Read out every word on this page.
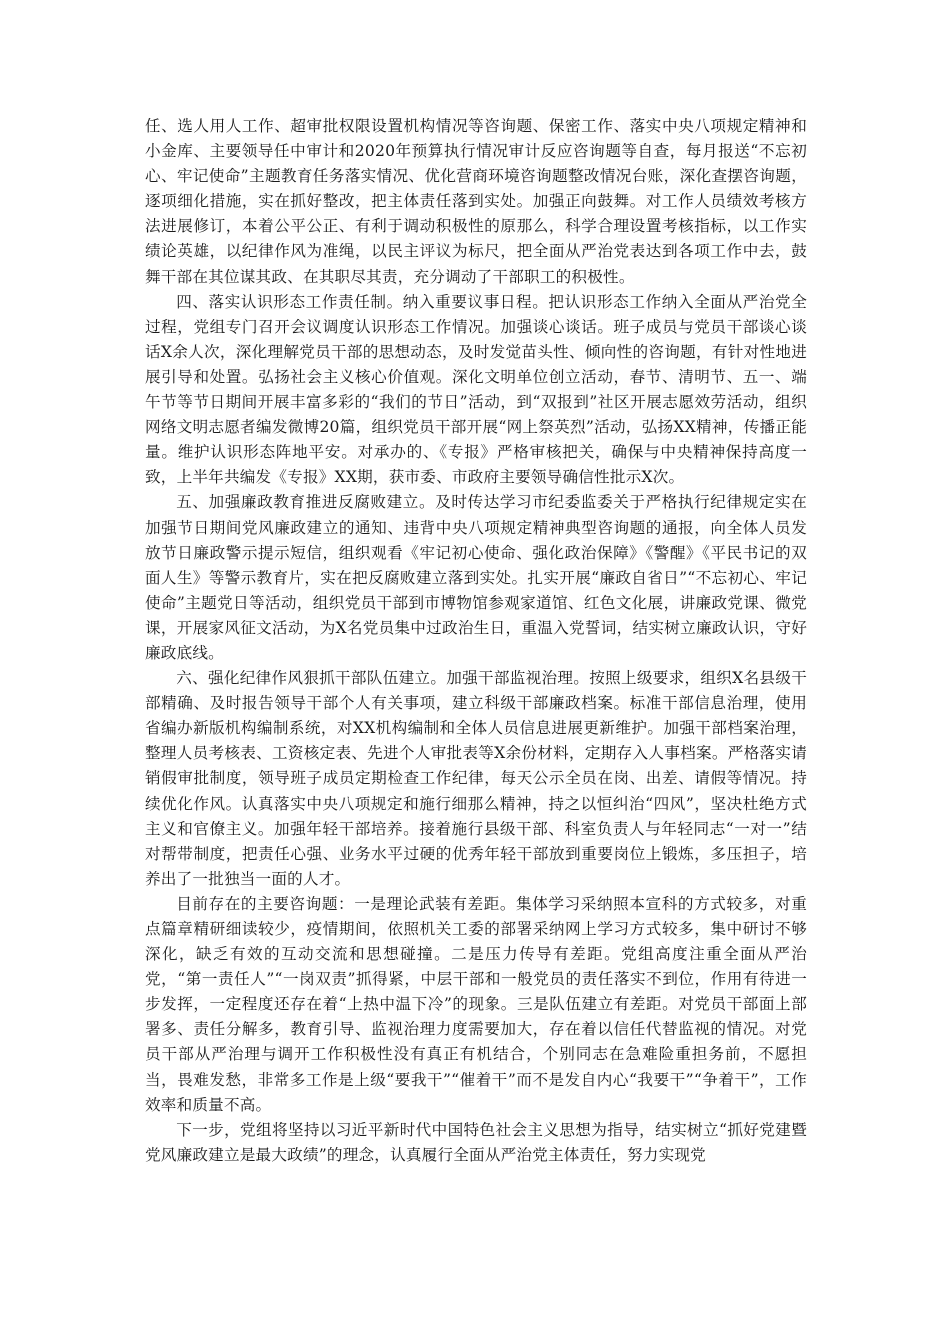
任、选人用人工作、超审批权限设置机构情况等咨询题、保密工作、落实中央八项规定精神和小金库、主要领导任中审计和2020年预算执行情况审计反应咨询题等自查，每月报送“不忘初心、牢记使命”主题教育任务落实情况、优化营商环境咨询题整改情况台账，深化查摆咨询题，逐项细化措施，实在抓好整改，把主体责任落到实处。加强正向鼓舞。对工作人员绩效考核方法进展修订，本着公平公正、有利于调动积极性的原那么，科学合理设置考核指标，以工作实绩论英雄，以纪律作风为准绳，以民主评议为标尺，把全面从严治党表达到各项工作中去，鼓舞干部在其位谋其政、在其职尽其责，充分调动了干部职工的积极性。

四、落实认识形态工作责任制。纳入重要议事日程。把认识形态工作纳入全面从严治党全过程，党组专门召开会议调度认识形态工作情况。加强谈心谈话。班子成员与党员干部谈心谈话X余人次，深化理解党员干部的思想动态，及时发觉苗头性、倾向性的咨询题，有针对性地进展引导和处置。弘扬社会主义核心价值观。深化文明单位创立活动，春节、清明节、五一、端午节等节日期间开展丰富多彩的“我们的节日”活动，到“双报到”社区开展志愿效劳活动，组织网络文明志愿者编发微博20篇，组织党员干部开展“网上祭英烈”活动，弘扬XX精神，传播正能量。维护认识形态阵地平安。对承办的、《专报》严格审核把关，确保与中央精神保持高度一致，上半年共编发《专报》XX期，获市委、市政府主要领导确信性批示X次。

五、加强廉政教育推进反腐败建立。及时传达学习市纪委监委关于严格执行纪律规定实在加强节日期间党风廉政建立的通知、违背中央八项规定精神典型咨询题的通报，向全体人员发放节日廉政警示提示短信，组织观看《牢记初心使命、强化政治保障》《警醒》《平民书记的双面人生》等警示教育片，实在把反腐败建立落到实处。扎实开展“廉政自省日”“不忘初心、牢记使命”主题党日等活动，组织党员干部到市博物馆参观家道馆、红色文化展，讲廉政党课、微党课，开展家风征文活动，为X名党员集中过政治生日，重温入党誓词，结实树立廉政认识，守好廉政底线。

六、强化纪律作风狠抓干部队伍建立。加强干部监视治理。按照上级要求，组织X名县级干部精确、及时报告领导干部个人有关事项，建立科级干部廉政档案。标准干部信息治理，使用省编办新版机构编制系统，对XX机构编制和全体人员信息进展更新维护。加强干部档案治理，整理人员考核表、工资核定表、先进个人审批表等X余份材料，定期存入人事档案。严格落实请销假审批制度，领导班子成员定期检查工作纪律，每天公示全员在岗、出差、请假等情况。持续优化作风。认真落实中央八项规定和施行细那么精神，持之以恒纠治“四风”，坚决杜绝方式主义和官僚主义。加强年轻干部培养。接着施行县级干部、科室负责人与年轻同志“一对一”结对帮带制度，把责任心强、业务水平过硬的优秀年轻干部放到重要岗位上锻炼，多压担子，培养出了一批独当一面的人才。

目前存在的主要咨询题：一是理论武装有差距。集体学习采纳照本宣科的方式较多，对重点篇章精研细读较少，疫情期间，依照机关工委的部署采纳网上学习方式较多，集中研讨不够深化，缺乏有效的互动交流和思想碰撞。二是压力传导有差距。党组高度注重全面从严治党，“第一责任人”“一岗双责”抓得紧，中层干部和一般党员的责任落实不到位，作用有待进一步发挥，一定程度还存在着“上热中温下冷”的现象。三是队伍建立有差距。对党员干部面上部署多、责任分解多，教育引导、监视治理力度需要加大，存在着以信任代替监视的情况。对党员干部从严治理与调开工作积极性没有真正有机结合，个别同志在急难险重担务前，不愿担当，畏难发愁，非常多工作是上级“要我干”“催着干”而不是发自内心“我要干”“争着干”，工作效率和质量不高。

下一步，党组将坚持以习近平新时代中国特色社会主义思想为指导，结实树立“抓好党建暨党风廉政建立是最大政绩”的理念，认真履行全面从严治党主体责任，努力实现党
